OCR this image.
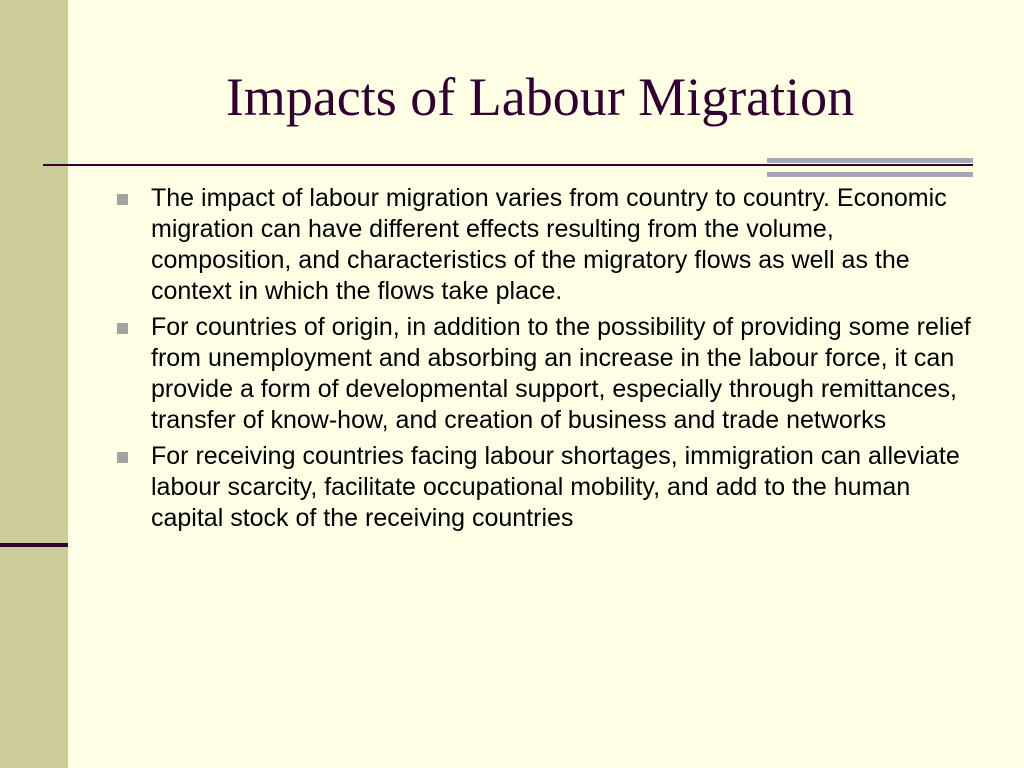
Impacts of Labour Migration
The impact of labour migration varies from country to country. Economic migration can have different effects resulting from the volume, composition, and characteristics of the migratory flows as well as the context in which the flows take place.
For countries of origin, in addition to the possibility of providing some relief from unemployment and absorbing an increase in the labour force, it can provide a form of developmental support, especially through remittances, transfer of know-how, and creation of business and trade networks
For receiving countries facing labour shortages, immigration can alleviate labour scarcity, facilitate occupational mobility, and add to the human capital stock of the receiving countries
